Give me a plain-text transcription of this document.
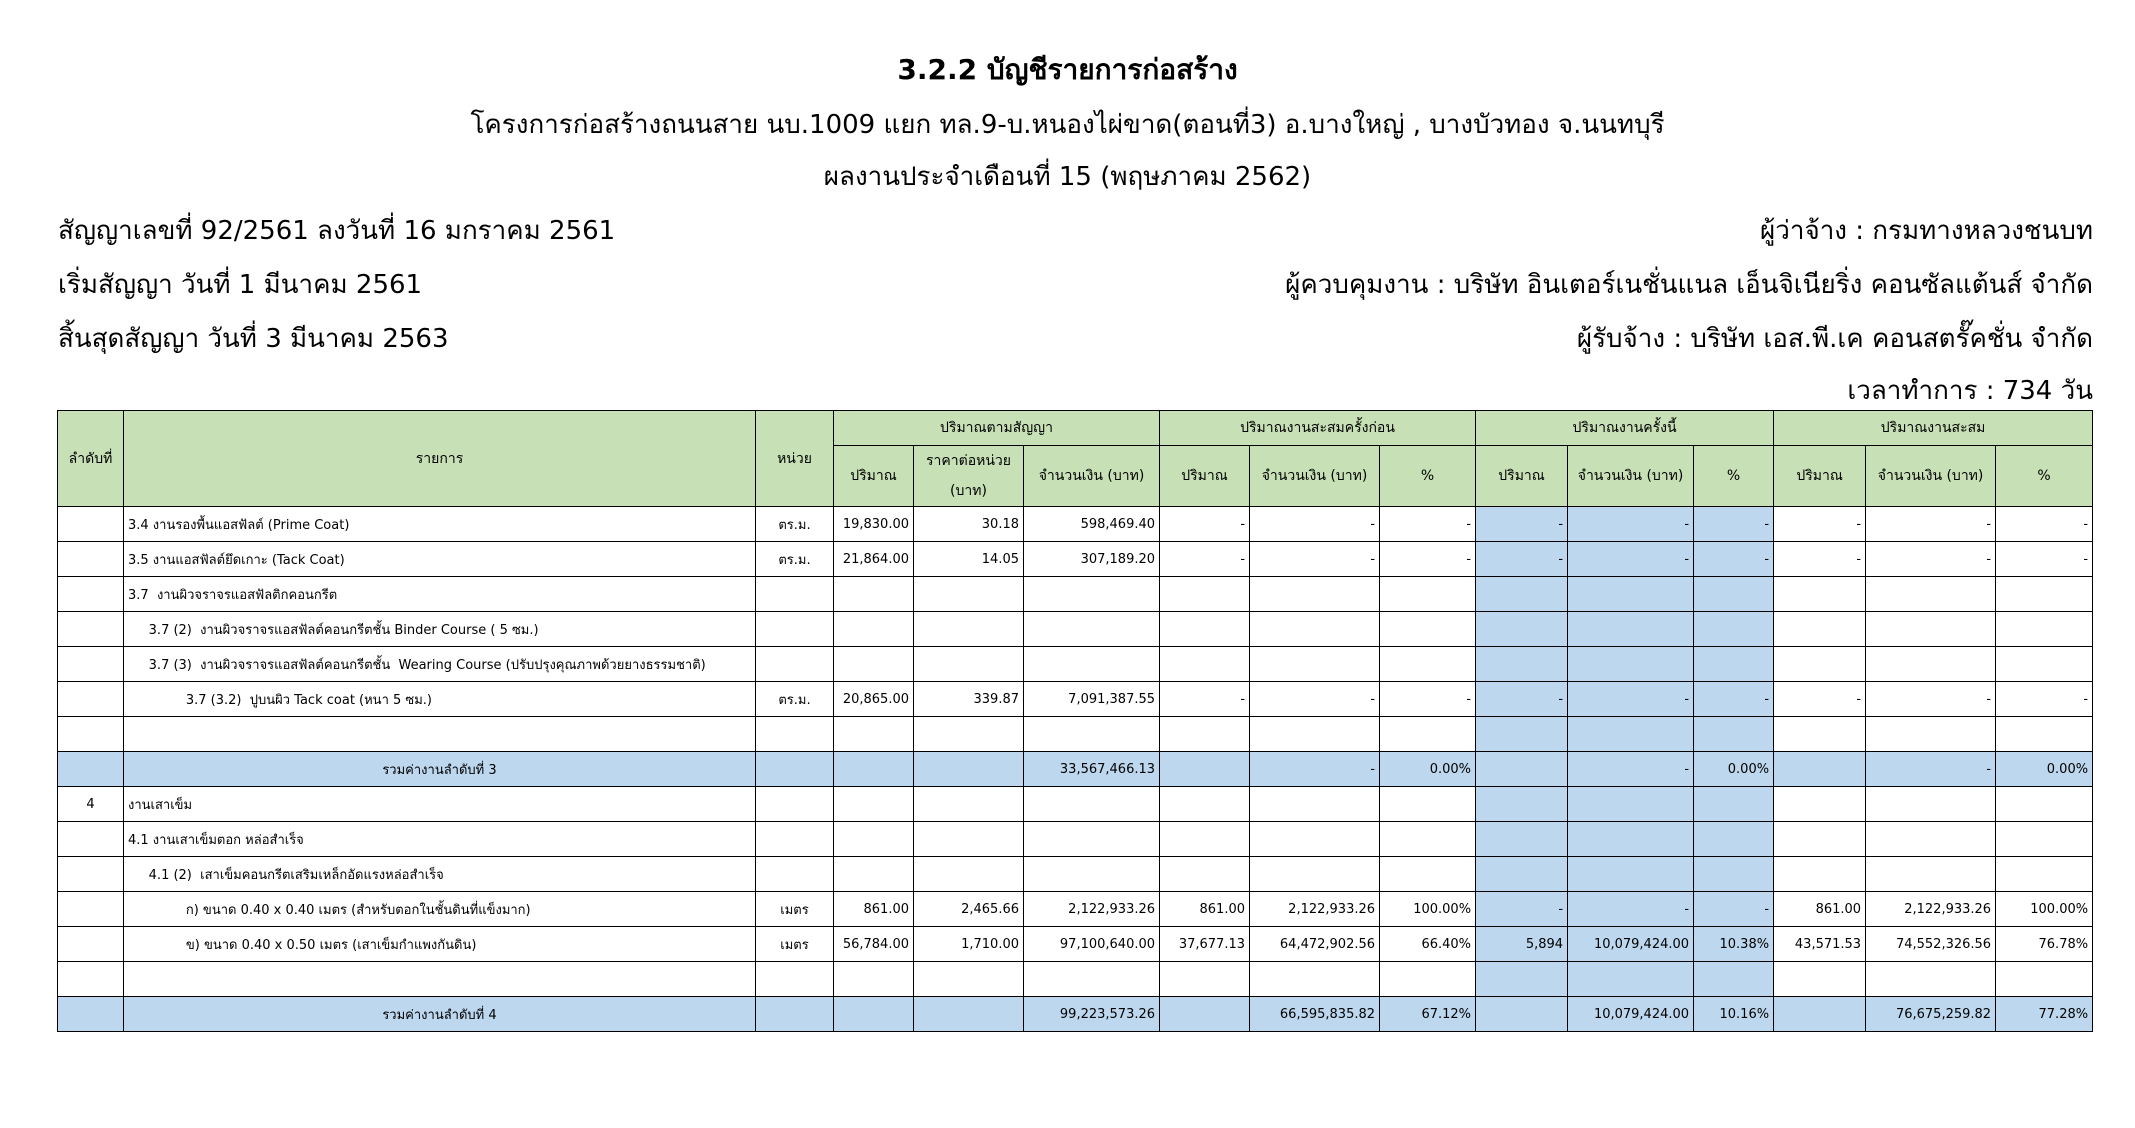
3.2.2 บัญชีรายการก่อสร้าง
โครงการก่อสร้างถนนสาย นบ.1009 แยก ทล.9-บ.หนองไผ่ขาด(ตอนที่3) อ.บางใหญ่ , บางบัวทอง จ.นนทบุรี
ผลงานประจำเดือนที่ 15 (พฤษภาคม 2562)
สัญญาเลขที่ 92/2561 ลงวันที่ 16 มกราคม 2561
เริ่มสัญญา วันที่ 1 มีนาคม 2561
สิ้นสุดสัญญา วันที่ 3 มีนาคม 2563
ผู้ว่าจ้าง : กรมทางหลวงชนบท
ผู้ควบคุมงาน : บริษัท อินเตอร์เนชั่นแนล เอ็นจิเนียริ่ง คอนซัลแต้นส์ จำกัด
ผู้รับจ้าง : บริษัท เอส.พี.เค คอนสตรั๊คชั่น จำกัด
เวลาทำการ : 734 วัน
ลำดับที่	รายการ	หน่วย	ปริมาณตามสัญญา			ปริมาณงานสะสมครั้งก่อน			ปริมาณงานครั้งนี้			ปริมาณงานสะสม		
			ปริมาณ	ราคาต่อหน่วย (บาท)	จำนวนเงิน (บาท)	ปริมาณ	จำนวนเงิน (บาท)	%	ปริมาณ	จำนวนเงิน (บาท)	%	ปริมาณ	จำนวนเงิน (บาท)	%
	3.4 งานรองพื้นแอสฟัลต์ (Prime Coat)	ตร.ม.	19,830.00	30.18	598,469.40	-	-	-	-	-	-	-	-	-
	3.5 งานแอสฟัลต์ยึดเกาะ (Tack Coat)	ตร.ม.	21,864.00	14.05	307,189.20	-	-	-	-	-	-	-	-	-
	3.7  งานผิวจราจรแอสฟัลติกคอนกรีต													
	3.7 (2)  งานผิวจราจรแอสฟัลต์คอนกรีตชั้น Binder Course ( 5 ซม.)													
	3.7 (3)  งานผิวจราจรแอสฟัลต์คอนกรีตชั้น  Wearing Course (ปรับปรุงคุณภาพด้วยยางธรรมชาติ)													
	3.7 (3.2)  ปูบนผิว Tack coat (หนา 5 ซม.)	ตร.ม.	20,865.00	339.87	7,091,387.55	-	-	-	-	-	-	-	-	-

	รวมค่างานลำดับที่ 3				33,567,466.13		-	0.00%		-	0.00%		-	0.00%
4	งานเสาเข็ม													
	4.1 งานเสาเข็มตอก หล่อสำเร็จ													
	4.1 (2)  เสาเข็มคอนกรีตเสริมเหล็กอัดแรงหล่อสำเร็จ													
	ก) ขนาด 0.40 x 0.40 เมตร (สำหรับตอกในชั้นดินที่แข็งมาก)	เมตร	861.00	2,465.66	2,122,933.26	861.00	2,122,933.26	100.00%	-	-	-	861.00	2,122,933.26	100.00%
	ข) ขนาด 0.40 x 0.50 เมตร (เสาเข็มกำแพงกันดิน)	เมตร	56,784.00	1,710.00	97,100,640.00	37,677.13	64,472,902.56	66.40%	5,894	10,079,424.00	10.38%	43,571.53	74,552,326.56	76.78%

	รวมค่างานลำดับที่ 4				99,223,573.26		66,595,835.82	67.12%		10,079,424.00	10.16%		76,675,259.82	77.28%
